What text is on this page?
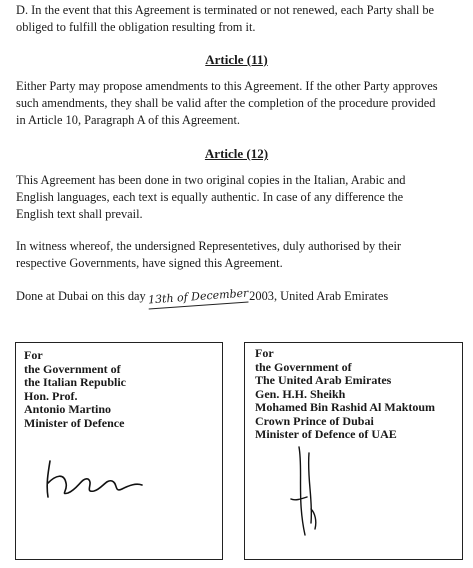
D. In the event that this Agreement is terminated or not renewed, each Party shall be
obliged to fulfill the obligation resulting from it.
Article (11)
Either Party may propose amendments to this Agreement. If the other Party approves
such amendments, they shall be valid after the completion of the procedure provided
in Article 10, Paragraph A of this Agreement.
Article (12)
This Agreement has been done in two original copies in the Italian, Arabic and
English languages, each text is equally authentic. In case of any difference the
English text shall prevail.
In witness whereof, the undersigned Representetives, duly authorised by their
respective Governments, have signed this Agreement.
Done at Dubai on this day 13th of December2003, United Arab Emirates
For
the Government of
the Italian Republic
Hon. Prof.
Antonio Martino
Minister of Defence
For
the Government of
The United Arab Emirates
Gen. H.H. Sheikh
Mohamed Bin Rashid Al Maktoum
Crown Prince of Dubai
Minister of Defence of UAE
